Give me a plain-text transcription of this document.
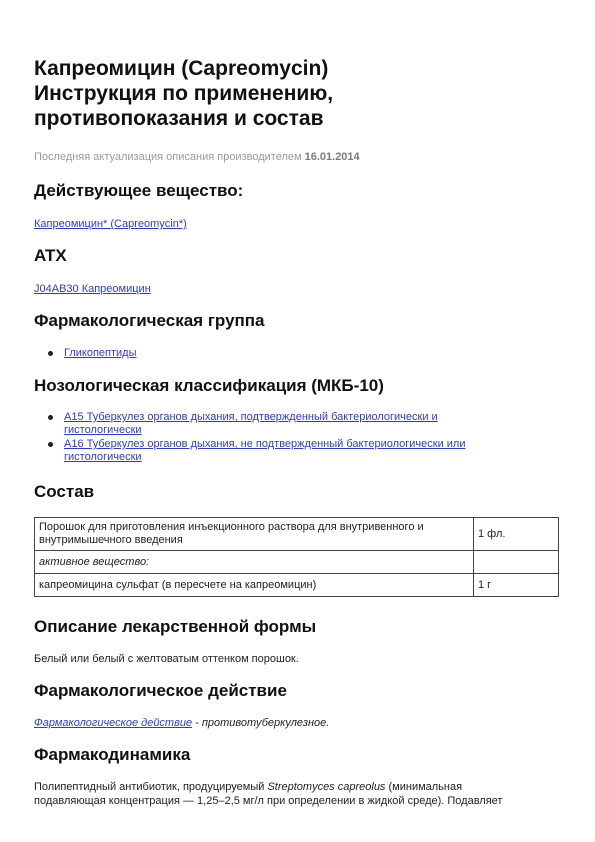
Капреомицин (Capreomycin)
Инструкция по применению,
противопоказания и состав
Последняя актуализация описания производителем 16.01.2014
Действующее вещество:
Капреомицин* (Capreomycin*)
ATX
J04AB30 Капреомицин
Фармакологическая группа
Гликопептиды
Нозологическая классификация (МКБ-10)
A15 Туберкулез органов дыхания, подтвержденный бактериологически и
гистологически
A16 Туберкулез органов дыхания, не подтвержденный бактериологически или
гистологически
Состав
Порошок для приготовления инъекционного раствора для внутривенного и
внутримышечного введения	1 фл.
активное вещество:	
капреомицина сульфат (в пересчете на капреомицин)	1 г
Описание лекарственной формы

Белый или белый с желтоватым оттенком порошок.

Фармакологическое действие

Фармакологическое действие - противотуберкулезное.

Фармакодинамика

Полипептидный антибиотик, продуцируемый Streptomyces capreolus (минимальная
подавляющая концентрация — 1,25–2,5 мг/л при определении в жидкой среде). Подавляет
